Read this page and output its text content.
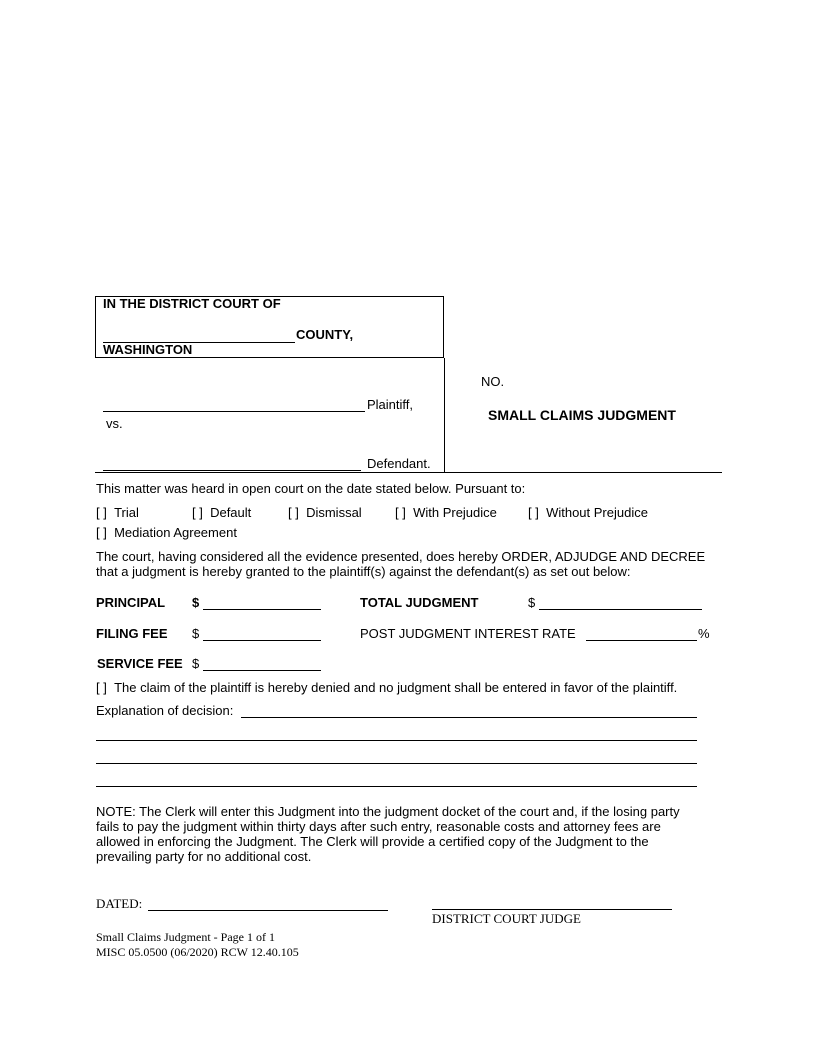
IN THE DISTRICT COURT OF
COUNTY,
WASHINGTON
Plaintiff,
vs.
Defendant.
NO.
SMALL CLAIMS JUDGMENT
This matter was heard in open court on the date stated below. Pursuant to:
[ ] Trial	[ ] Default	[ ] Dismissal	[ ] With Prejudice [ ] Without Prejudice
[ ] Mediation Agreement
The court, having considered all the evidence presented, does hereby ORDER, ADJUDGE AND DECREE that a judgment is hereby granted to the plaintiff(s) against the defendant(s) as set out below:
PRINCIPAL $	TOTAL JUDGMENT	$
FILING FEE $	POST JUDGMENT INTEREST RATE	%
SERVICE FEE $
[ ] The claim of the plaintiff is hereby denied and no judgment shall be entered in favor of the plaintiff.
Explanation of decision:
NOTE: The Clerk will enter this Judgment into the judgment docket of the court and, if the losing party fails to pay the judgment within thirty days after such entry, reasonable costs and attorney fees are allowed in enforcing the Judgment. The Clerk will provide a certified copy of the Judgment to the prevailing party for no additional cost.
DATED:
DISTRICT COURT JUDGE
Small Claims Judgment - Page 1 of 1
MISC 05.0500 (06/2020) RCW 12.40.105
